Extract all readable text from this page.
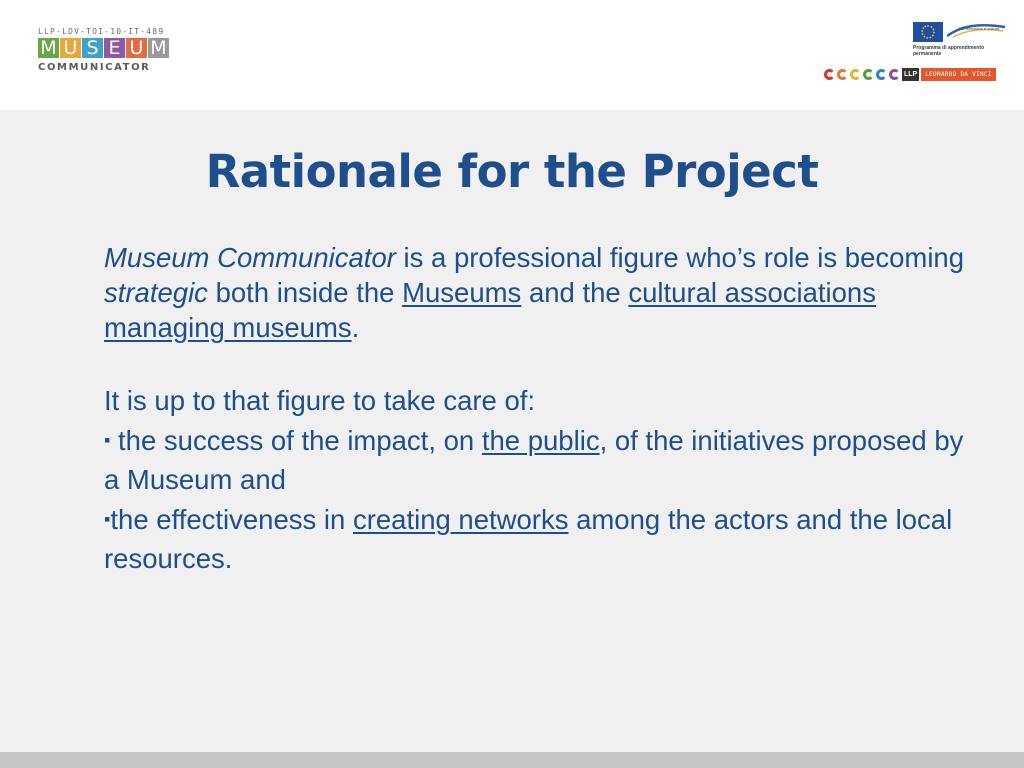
LLP-LDV-TOI-10-IT-489
M U S E U M
COMMUNICATOR
EU istruzione e cultura
Programma di apprendimento
permanente
LLP	LEONARDO DA VINCI
Rationale for the Project

Museum Communicator is a professional figure who’s role is becoming strategic both inside the Museums and the cultural associations managing museums.

It is up to that figure to take care of:

▪ the success of the impact, on the public, of the initiatives proposed by a Museum and

▪the effectiveness in creating networks among the actors and the local resources.
